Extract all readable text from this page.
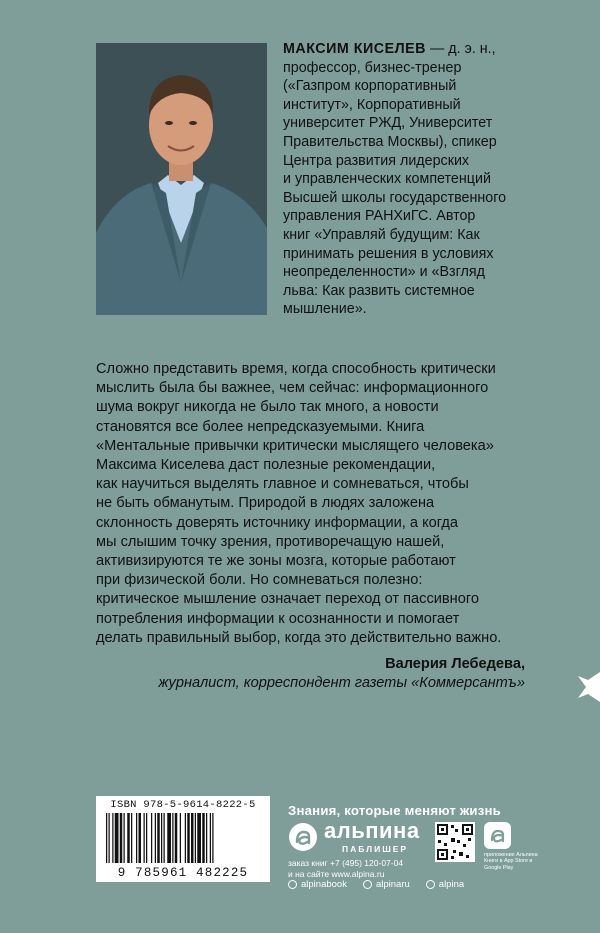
МАКСИМ КИСЕЛЕВ — д. э. н.,
профессор, бизнес-тренер
(«Газпром корпоративный
институт», Корпоративный
университет РЖД, Университет
Правительства Москвы), спикер
Центра развития лидерских
и управленческих компетенций
Высшей школы государственного
управления РАНХиГС. Автор
книг «Управляй будущим: Как
принимать решения в условиях
неопределенности» и «Взгляд
льва: Как развить системное
мышление».
Сложно представить время, когда способность критически
мыслить была бы важнее, чем сейчас: информационного
шума вокруг никогда не было так много, а новости
становятся все более непредсказуемыми. Книга
«Ментальные привычки критически мыслящего человека»
Максима Киселева даст полезные рекомендации,
как научиться выделять главное и сомневаться, чтобы
не быть обманутым. Природой в людях заложена
склонность доверять источнику информации, а когда
мы слышим точку зрения, противоречащую нашей,
активизируются те же зоны мозга, которые работают
при физической боли. Но сомневаться полезно:
критическое мышление означает переход от пассивного
потребления информации к осознанности и помогает
делать правильный выбор, когда это действительно важно.
Валерия Лебедева,
журналист, корреспондент газеты «Коммерсантъ»
ISBN 978-5-9614-8222-5
9 785961 482225
Знания, которые меняют жизнь
альпина
ПАБЛИШЕР
заказ книг +7 (495) 120-07-04
и на сайте www.alpina.ru
приложение Альпина Книги в App Store и Google Play
alpinabook	alpinaru	alpina
